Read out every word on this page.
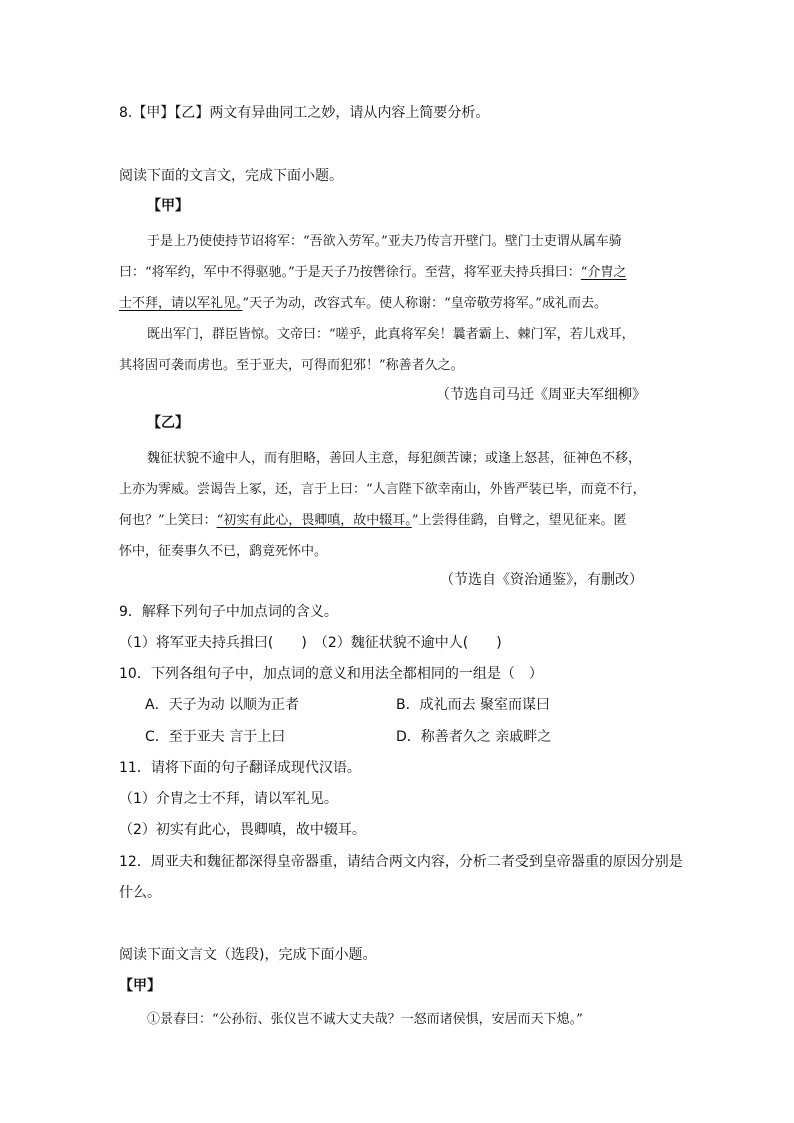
8.【甲】【乙】两文有异曲同工之妙，请从内容上简要分析。
阅读下面的文言文，完成下面小题。
【甲】
于是上乃使使持节诏将军：“吾欲入劳军。”亚夫乃传言开壁门。壁门士吏谓从属车骑
曰：“将军约，军中不得驱驰。”于是天子乃按辔徐行。至营，将军亚夫持兵揖曰：“介胄之
士不拜，请以军礼见。”天子为动，改容式车。使人称谢：“皇帝敬劳将军。”成礼而去。
既出军门，群臣皆惊。文帝曰：“嗟乎，此真将军矣！曩者霸上、棘门军，若儿戏耳，
其将固可袭而虏也。至于亚夫，可得而犯邪！”称善者久之。
（节选自司马迁《周亚夫军细柳》
【乙】
魏征状貌不逾中人，而有胆略，善回人主意，每犯颜苦谏；或逢上怒甚，征神色不移，
上亦为霁威。尝谒告上冢，还，言于上曰：“人言陛下欲幸南山，外皆严装已毕，而竟不行，
何也？”上笑曰：“初实有此心，畏卿嗔，故中辍耳。”上尝得佳鹞，自臂之，望见征来。匿
怀中，征奏事久不已，鹞竟死怀中。
（节选自《资治通鉴》，有删改）
9．解释下列句子中加点词的含义。
（1）将军亚夫持兵揖曰(　　)　（2）魏征状貌不逾中人(　　)
10．下列各组句子中，加点词的意义和用法全都相同的一组是（　）
A．天子为动 以顺为正者	B．成礼而去 聚室而谋曰
C．至于亚夫 言于上曰	D．称善者久之 亲戚畔之
11．请将下面的句子翻译成现代汉语。
（1）介胄之士不拜，请以军礼见。
（2）初实有此心，畏卿嗔，故中辍耳。
12．周亚夫和魏征都深得皇帝器重，请结合两文内容，分析二者受到皇帝器重的原因分别是
什么。
阅读下面文言文（选段)，完成下面小题。
【甲】
①景春曰：“公孙衍、张仪岂不诚大丈夫哉？一怒而诸侯惧，安居而天下熄。”
